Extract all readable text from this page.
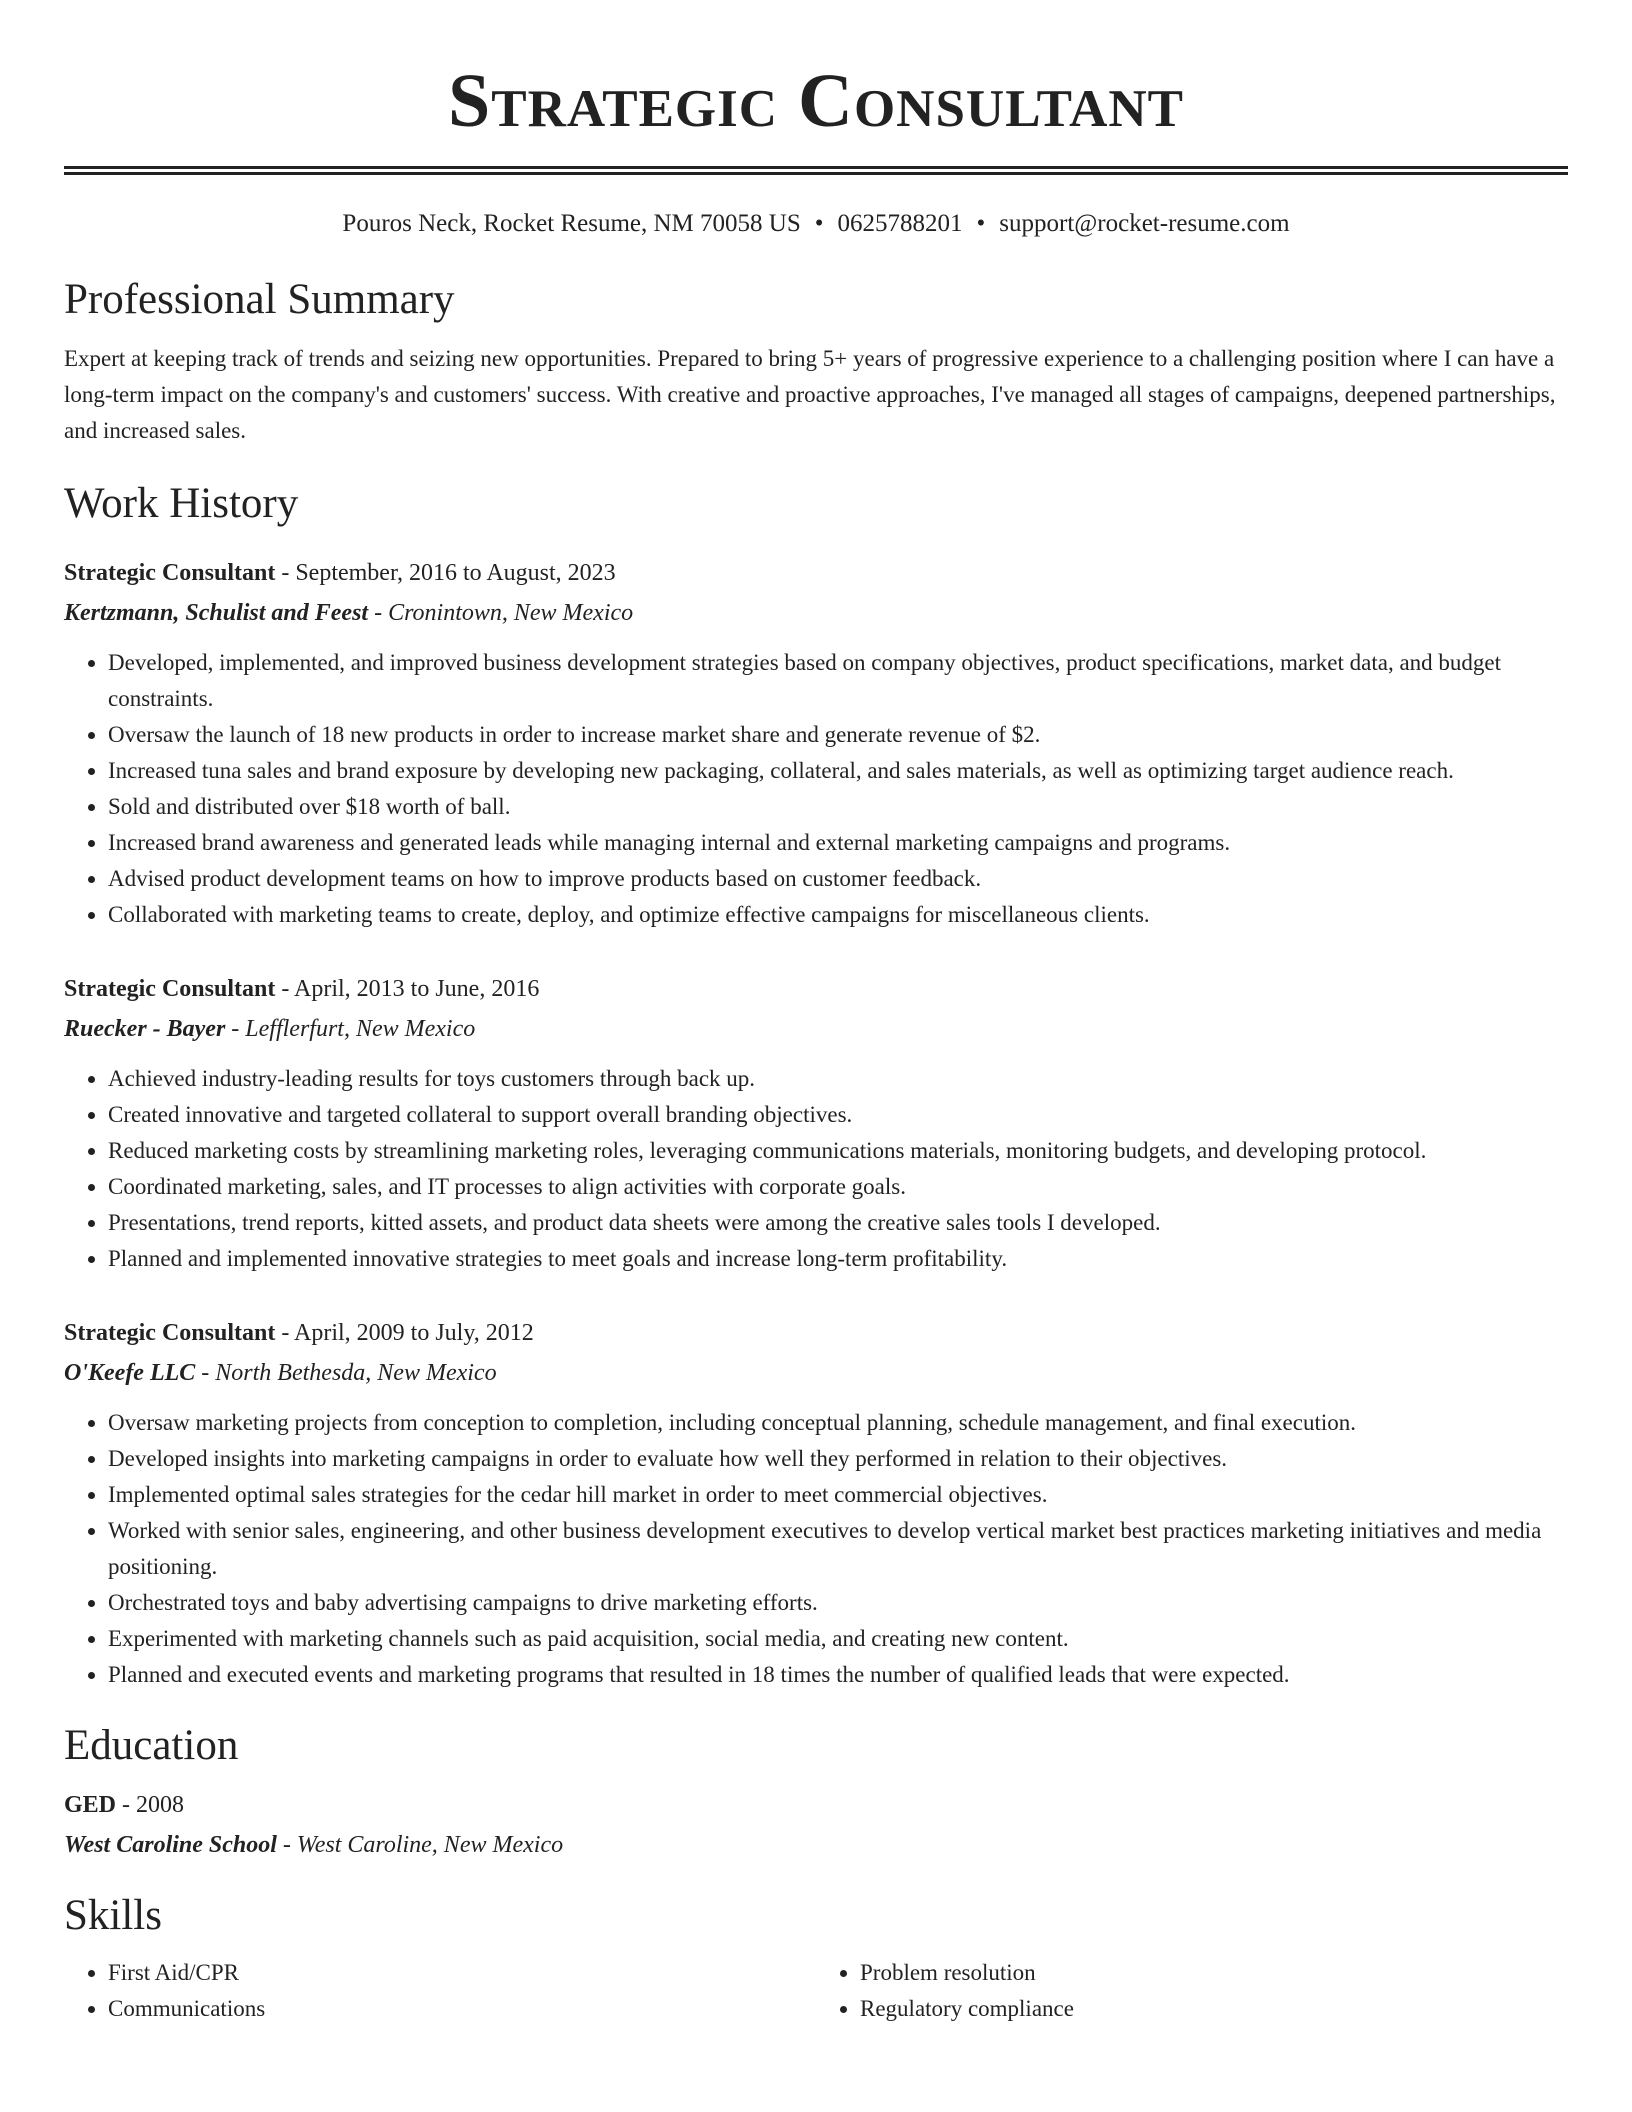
Strategic Consultant
Pouros Neck, Rocket Resume, NM 70058 US • 0625788201 • support@rocket-resume.com
Professional Summary

Expert at keeping track of trends and seizing new opportunities. Prepared to bring 5+ years of progressive experience to a challenging position where I can have a long-term impact on the company's and customers' success. With creative and proactive approaches, I've managed all stages of campaigns, deepened partnerships, and increased sales.

Work History

Strategic Consultant - September, 2016 to August, 2023

Kertzmann, Schulist and Feest - Cronintown, New Mexico

• Developed, implemented, and improved business development strategies based on company objectives, product specifications, market data, and budget constraints.
• Oversaw the launch of 18 new products in order to increase market share and generate revenue of $2.
• Increased tuna sales and brand exposure by developing new packaging, collateral, and sales materials, as well as optimizing target audience reach.
• Sold and distributed over $18 worth of ball.
• Increased brand awareness and generated leads while managing internal and external marketing campaigns and programs.
• Advised product development teams on how to improve products based on customer feedback.
• Collaborated with marketing teams to create, deploy, and optimize effective campaigns for miscellaneous clients.

Strategic Consultant - April, 2013 to June, 2016

Ruecker - Bayer - Lefflerfurt, New Mexico

• Achieved industry-leading results for toys customers through back up.
• Created innovative and targeted collateral to support overall branding objectives.
• Reduced marketing costs by streamlining marketing roles, leveraging communications materials, monitoring budgets, and developing protocol.
• Coordinated marketing, sales, and IT processes to align activities with corporate goals.
• Presentations, trend reports, kitted assets, and product data sheets were among the creative sales tools I developed.
• Planned and implemented innovative strategies to meet goals and increase long-term profitability.

Strategic Consultant - April, 2009 to July, 2012

O'Keefe LLC - North Bethesda, New Mexico

• Oversaw marketing projects from conception to completion, including conceptual planning, schedule management, and final execution.
• Developed insights into marketing campaigns in order to evaluate how well they performed in relation to their objectives.
• Implemented optimal sales strategies for the cedar hill market in order to meet commercial objectives.
• Worked with senior sales, engineering, and other business development executives to develop vertical market best practices marketing initiatives and media positioning.
• Orchestrated toys and baby advertising campaigns to drive marketing efforts.
• Experimented with marketing channels such as paid acquisition, social media, and creating new content.
• Planned and executed events and marketing programs that resulted in 18 times the number of qualified leads that were expected.
Education

GED - 2008

West Caroline School - West Caroline, New Mexico

Skills
• First Aid/CPR
• Communications
• Problem resolution
• Regulatory compliance
